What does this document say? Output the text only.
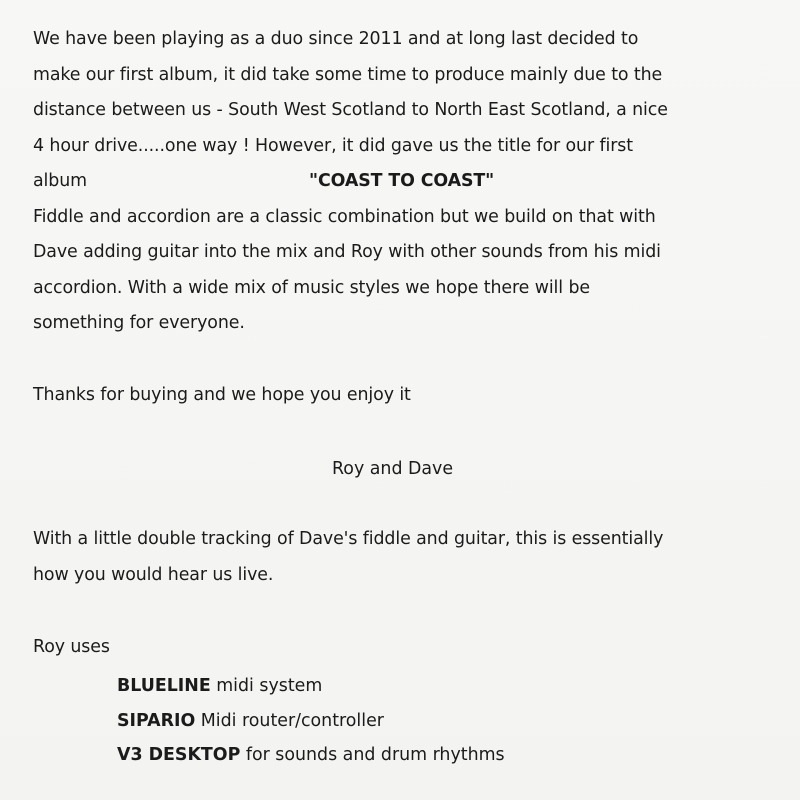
We have been playing as a duo since 2011 and at long last decided to
make our first album, it did take some time to produce mainly due to the
distance between us - South West Scotland to North East Scotland, a nice
4 hour drive.....one way ! However, it did gave us the title for our first
album	"COAST TO COAST"
Fiddle and accordion are a classic combination but we build on that with
Dave adding guitar into the mix and Roy with other sounds from his midi
accordion. With a wide mix of music styles we hope there will be
something for everyone.
Thanks for buying and we hope you enjoy it
Roy and Dave
With a little double tracking of Dave's fiddle and guitar, this is essentially
how you would hear us live.
Roy uses
BLUELINE midi system
SIPARIO Midi router/controller
V3 DESKTOP for sounds and drum rhythms
